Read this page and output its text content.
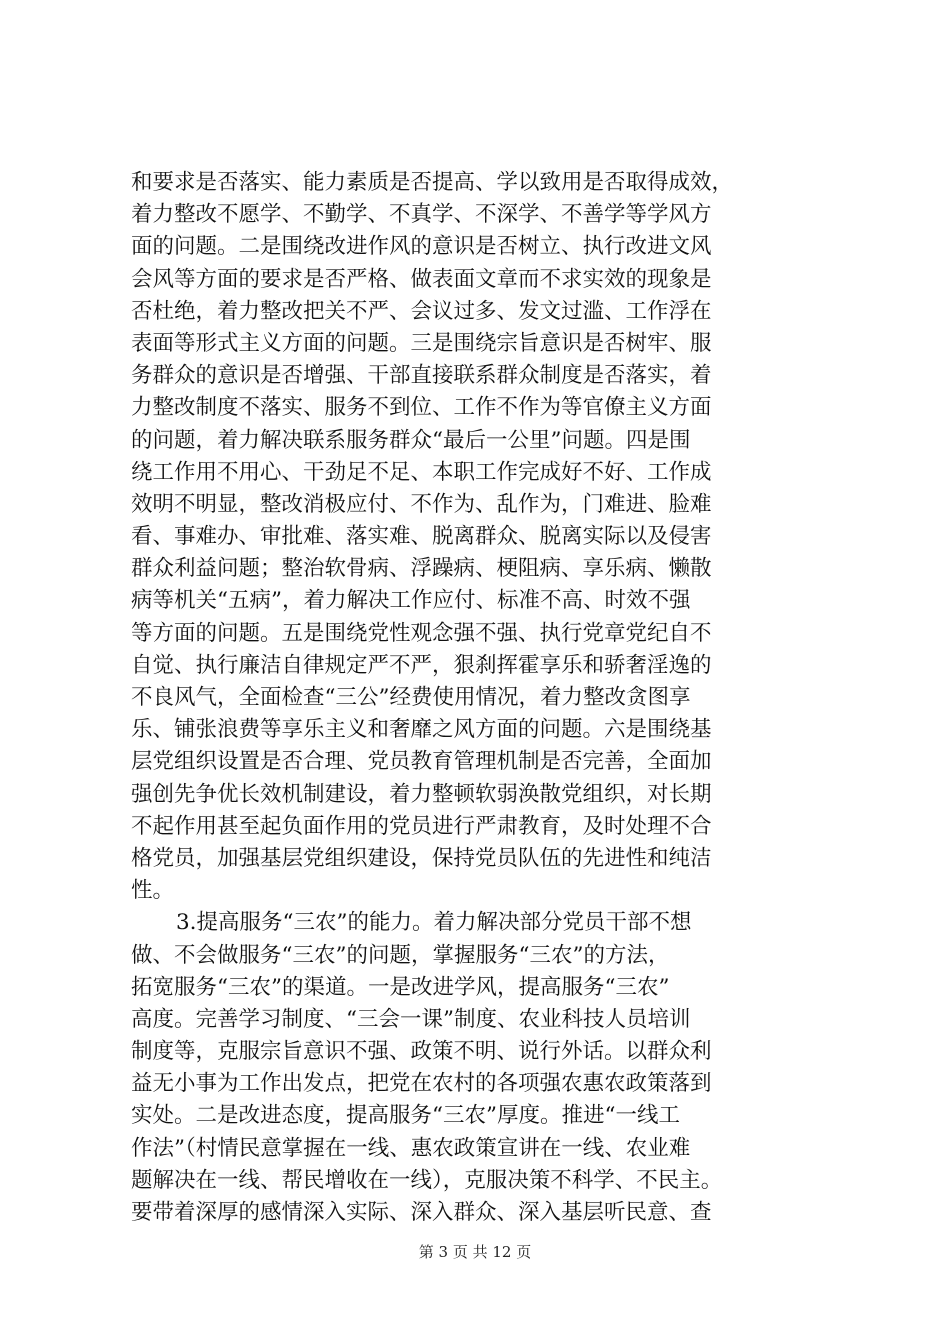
和要求是否落实、能力素质是否提高、学以致用是否取得成效，
着力整改不愿学、不勤学、不真学、不深学、不善学等学风方
面的问题。二是围绕改进作风的意识是否树立、执行改进文风
会风等方面的要求是否严格、做表面文章而不求实效的现象是
否杜绝，着力整改把关不严、会议过多、发文过滥、工作浮在
表面等形式主义方面的问题。三是围绕宗旨意识是否树牢、服
务群众的意识是否增强、干部直接联系群众制度是否落实，着
力整改制度不落实、服务不到位、工作不作为等官僚主义方面
的问题，着力解决联系服务群众“最后一公里”问题。四是围
绕工作用不用心、干劲足不足、本职工作完成好不好、工作成
效明不明显，整改消极应付、不作为、乱作为，门难进、脸难
看、事难办、审批难、落实难、脱离群众、脱离实际以及侵害
群众利益问题；整治软骨病、浮躁病、梗阻病、享乐病、懒散
病等机关“五病”，着力解决工作应付、标准不高、时效不强
等方面的问题。五是围绕党性观念强不强、执行党章党纪自不
自觉、执行廉洁自律规定严不严，狠刹挥霍享乐和骄奢淫逸的
不良风气，全面检查“三公”经费使用情况，着力整改贪图享
乐、铺张浪费等享乐主义和奢靡之风方面的问题。六是围绕基
层党组织设置是否合理、党员教育管理机制是否完善，全面加
强创先争优长效机制建设，着力整顿软弱涣散党组织，对长期
不起作用甚至起负面作用的党员进行严肃教育，及时处理不合
格党员，加强基层党组织建设，保持党员队伍的先进性和纯洁
性。
3.提高服务“三农”的能力。着力解决部分党员干部不想
做、不会做服务“三农”的问题，掌握服务“三农”的方法，
拓宽服务“三农”的渠道。一是改进学风，提高服务“三农”
高度。完善学习制度、“三会一课”制度、农业科技人员培训
制度等，克服宗旨意识不强、政策不明、说行外话。以群众利
益无小事为工作出发点，把党在农村的各项强农惠农政策落到
实处。二是改进态度，提高服务“三农”厚度。推进“一线工
作法”（村情民意掌握在一线、惠农政策宣讲在一线、农业难
题解决在一线、帮民增收在一线），克服决策不科学、不民主。
要带着深厚的感情深入实际、深入群众、深入基层听民意、查
第 3 页 共 12 页
